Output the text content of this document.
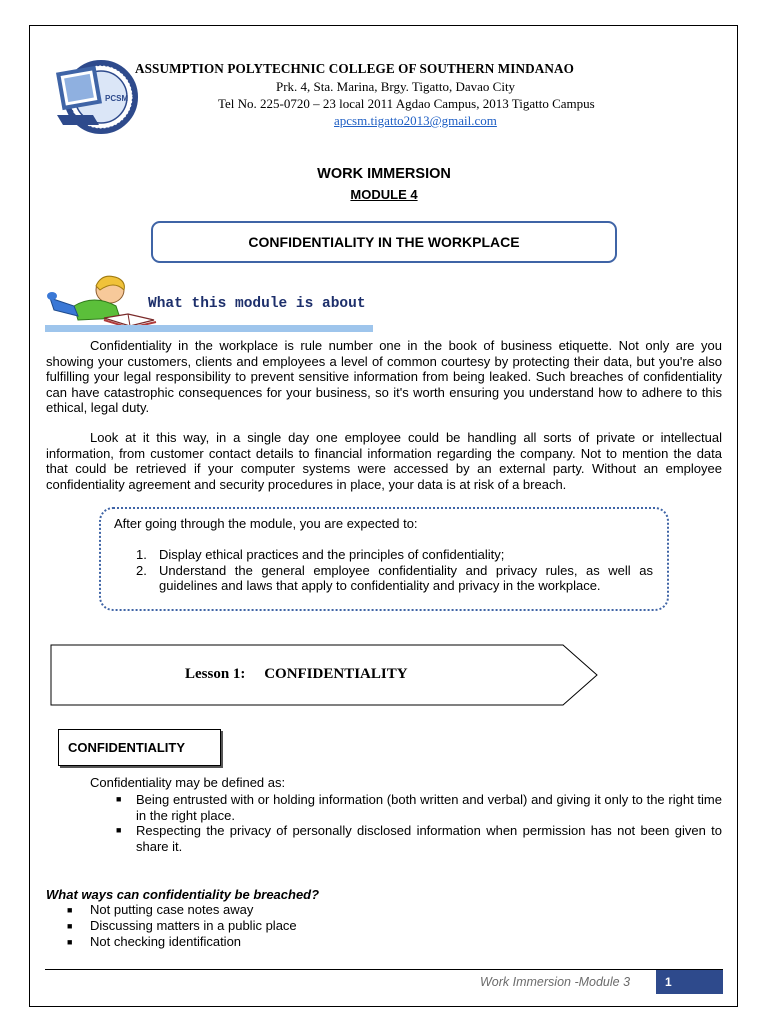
PCSM
ASSUMPTION POLYTECHNIC COLLEGE OF SOUTHERN MINDANAO
Prk. 4, Sta. Marina, Brgy. Tigatto, Davao City
Tel No. 225-0720 – 23 local 2011 Agdao Campus, 2013 Tigatto Campus
apcsm.tigatto2013@gmail.com
WORK IMMERSION
MODULE 4
CONFIDENTIALITY IN THE WORKPLACE
What this module is about

Confidentiality in the workplace is rule number one in the book of business etiquette. Not only are you showing your customers, clients and employees a level of common courtesy by protecting their data, but you're also fulfilling your legal responsibility to prevent sensitive information from being leaked. Such breaches of confidentiality can have catastrophic consequences for your business, so it's worth ensuring you understand how to adhere to this ethical, legal duty.

Look at it this way, in a single day one employee could be handling all sorts of private or intellectual information, from customer contact details to financial information regarding the company. Not to mention the data that could be retrieved if your computer systems were accessed by an external party. Without an employee confidentiality agreement and security procedures in place, your data is at risk of a breach.

After going through the module, you are expected to:
1. Display ethical practices and the principles of confidentiality;
2. Understand the general employee confidentiality and privacy rules, as well as guidelines and laws that apply to confidentiality and privacy in the workplace.
Lesson 1: CONFIDENTIALITY
CONFIDENTIALITY
Confidentiality may be defined as:
■	Being entrusted with or holding information (both written and verbal) and giving it only to the right time in the right place.
■	Respecting the privacy of personally disclosed information when permission has not been given to share it.
What ways can confidentiality be breached?
■	Not putting case notes away
■	Discussing matters in a public place
■	Not checking identification
Work Immersion -Module 3	1
